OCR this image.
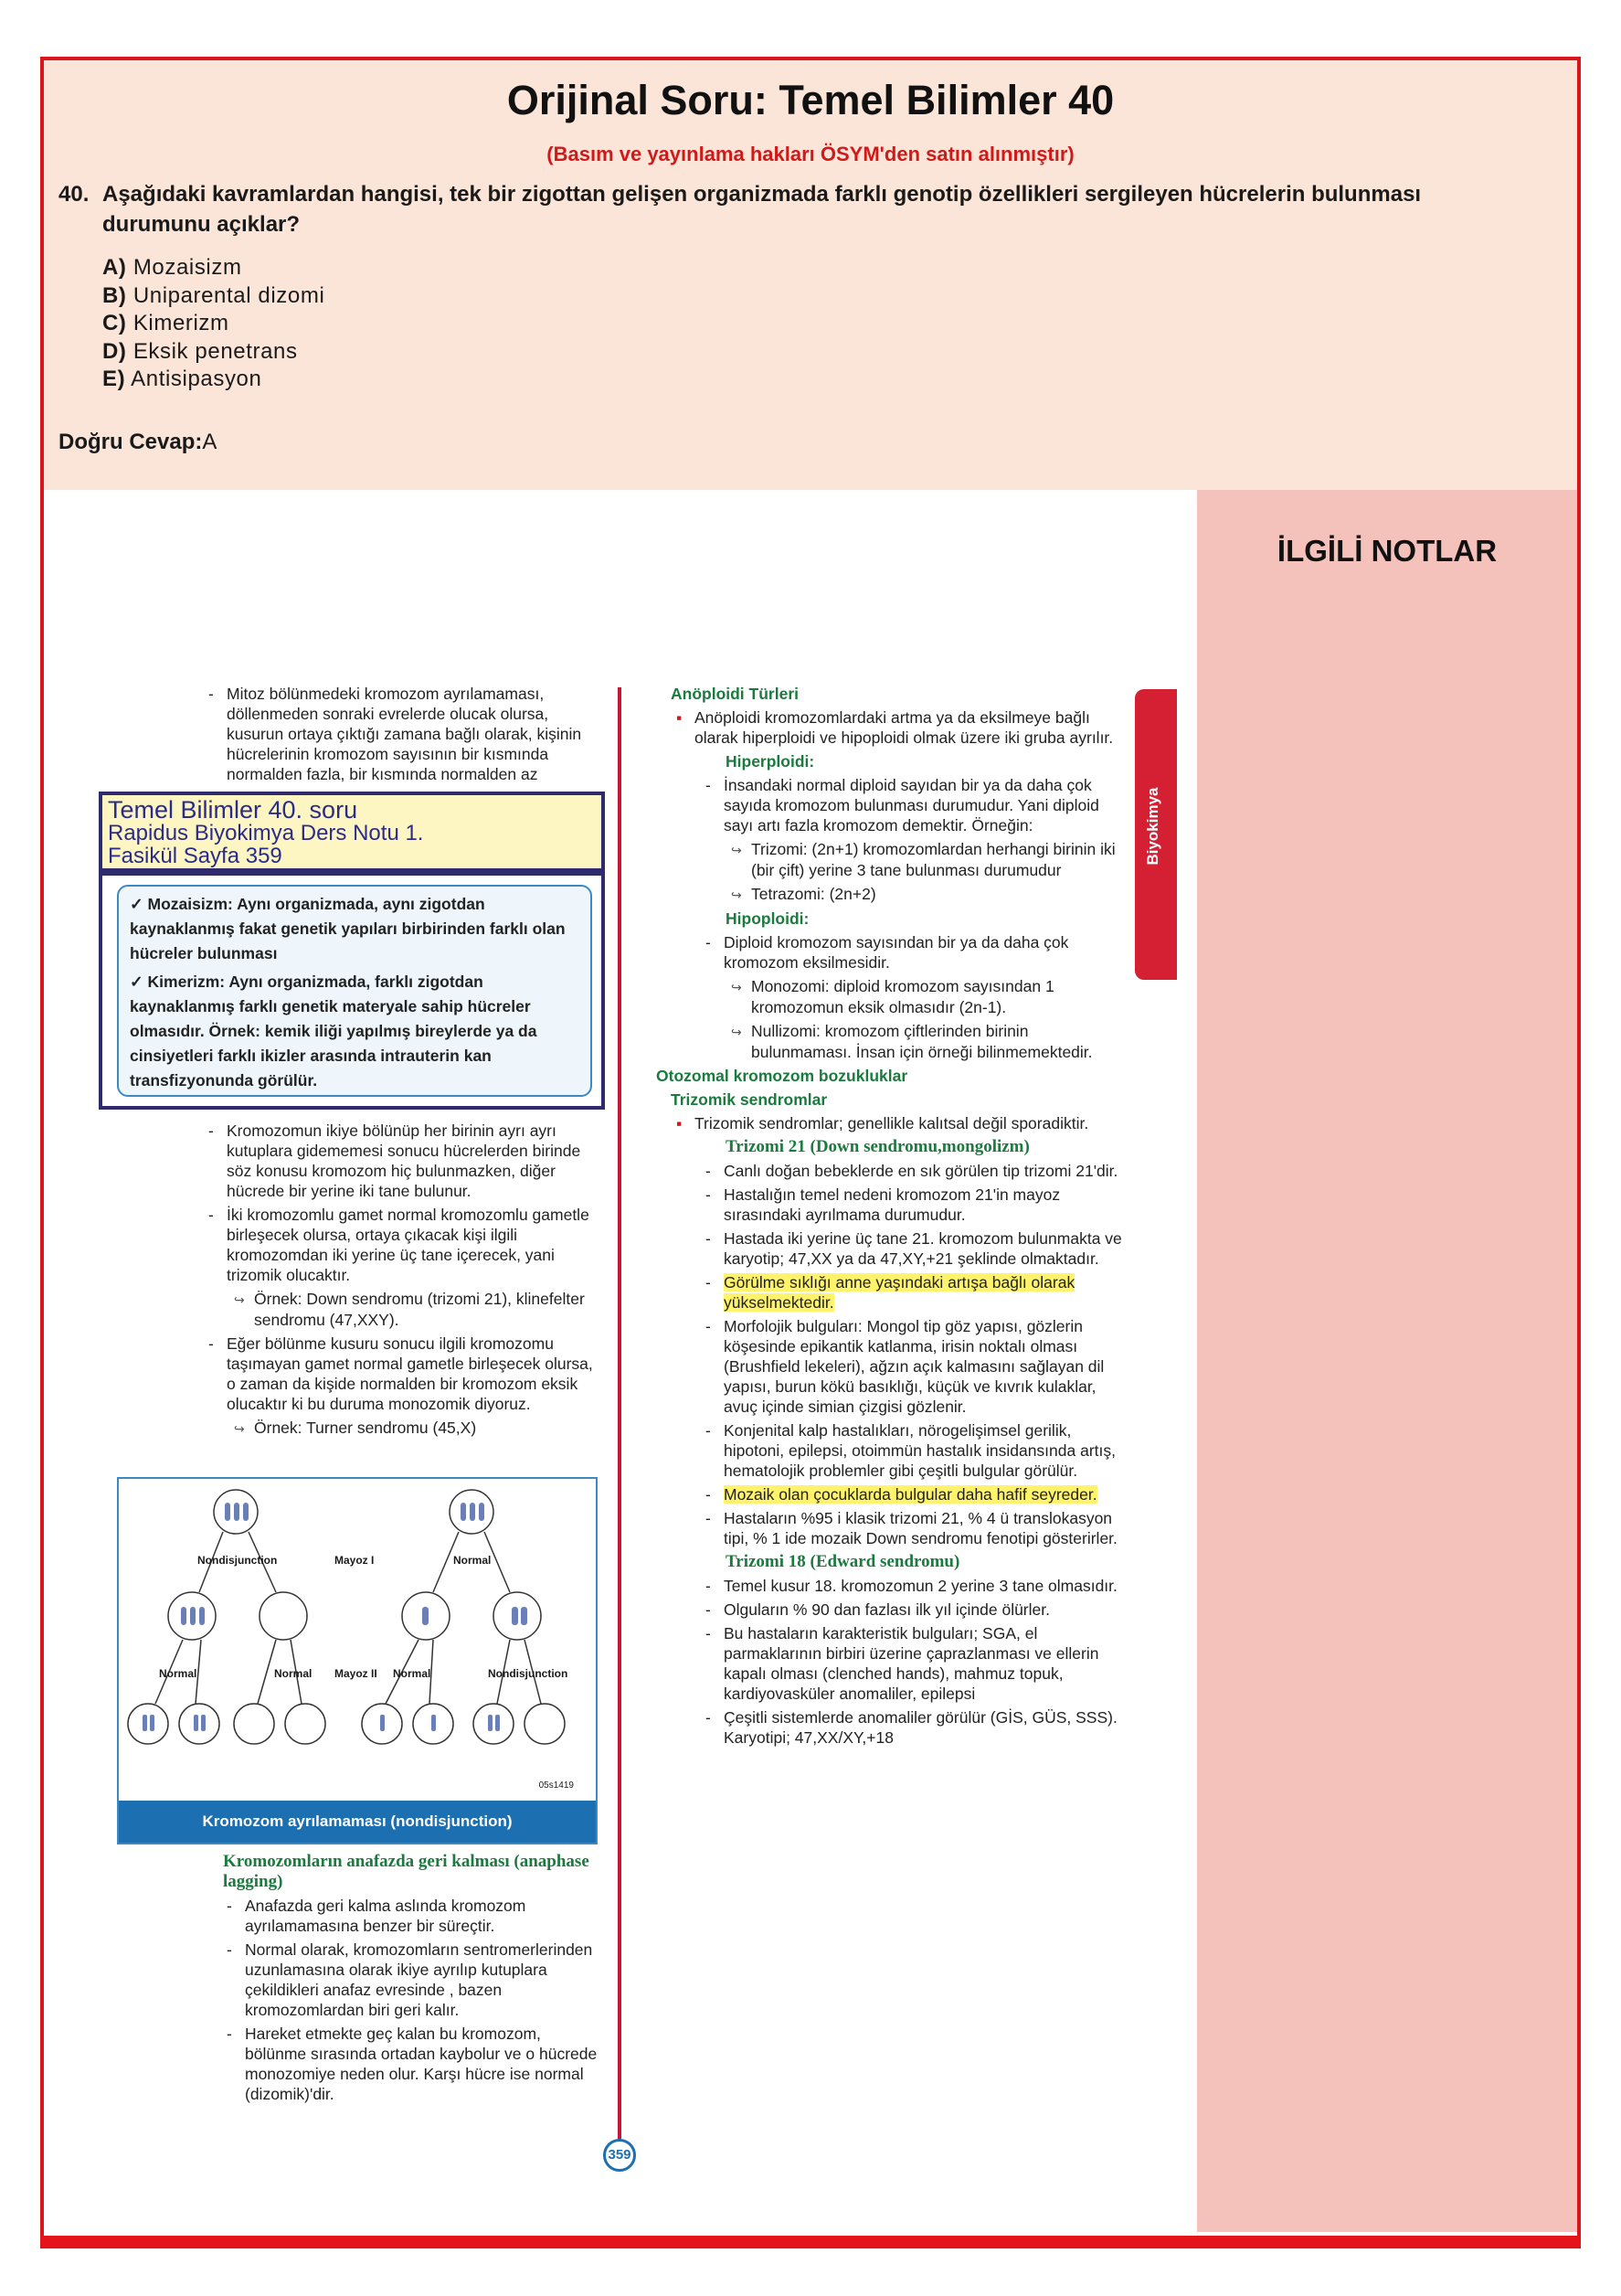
Orijinal Soru: Temel Bilimler 40
(Basım ve yayınlama hakları ÖSYM'den satın alınmıştır)
40. Aşağıdaki kavramlardan hangisi, tek bir zigottan gelişen organizmada farklı genotip özellikleri sergileyen hücrelerin bulunması durumunu açıklar?
A) Mozaisizm
B) Uniparental dizomi
C) Kimerizm
D) Eksik penetrans
E) Antisipasyon
Doğru Cevap:A
İLGİLİ NOTLAR

- Mitoz bölünmedeki kromozom ayrılamaması, döllenmeden sonraki evrelerde olucak olursa, kusurun ortaya çıktığı zamana bağlı olarak, kişinin hücrelerinin kromozom sayısının bir kısmında normalden fazla, bir kısmında normalden az

Temel Bilimler 40. soru
Rapidus Biyokimya Ders Notu 1.
Fasikül Sayfa 359

✓ Mozaisizm: Aynı organizmada, aynı zigotdan kaynaklanmış fakat genetik yapıları birbirinden farklı olan hücreler bulunması

✓ Kimerizm: Aynı organizmada, farklı zigotdan kaynaklanmış farklı genetik materyale sahip hücreler olmasıdır. Örnek: kemik iliği yapılmış bireylerde ya da cinsiyetleri farklı ikizler arasında intrauterin kan transfizyonunda görülür.

- Kromozomun ikiye bölünüp her birinin ayrı ayrı kutuplara gidememesi sonucu hücrelerden birinde söz konusu kromozom hiç bulunmazken, diğer hücrede bir yerine iki tane bulunur.

- İki kromozomlu gamet normal kromozomlu gametle birleşecek olursa, ortaya çıkacak kişi ilgili kromozomdan iki yerine üç tane içerecek, yani trizomik olucaktır.

↪ Örnek: Down sendromu (trizomi 21), klinefelter sendromu (47,XXY).

- Eğer bölünme kusuru sonucu ilgili kromozomu taşımayan gamet normal gametle birleşecek olursa, o zaman da kişide normalden bir kromozom eksik olucaktır ki bu duruma monozomik diyoruz.

↪ Örnek: Turner sendromu (45,X)

Nondisjunction	Mayoz I	Normal
Normal	Normal Mayoz II Normal	Nondisjunction
05s1419
Kromozom ayrılamaması (nondisjunction)

Kromozomların anafazda geri kalması (anaphase lagging)

- Anafazda geri kalma aslında kromozom ayrılamamasına benzer bir süreçtir.

- Normal olarak, kromozomların sentromerlerinden uzunlamasına olarak ikiye ayrılıp kutuplara çekildikleri anafaz evresinde , bazen kromozomlardan biri geri kalır.

- Hareket etmekte geç kalan bu kromozom, bölünme sırasında ortadan kaybolur ve o hücrede monozomiye neden olur. Karşı hücre ise normal (dizomik)'dir.

359

Anöploidi Türleri

▪ Anöploidi kromozomlardaki artma ya da eksilmeye bağlı olarak hiperploidi ve hipoploidi olmak üzere iki gruba ayrılır.

Hiperploidi:

- İnsandaki normal diploid sayıdan bir ya da daha çok sayıda kromozom bulunması durumudur. Yani diploid sayı artı fazla kromozom demektir. Örneğin:

↪ Trizomi: (2n+1) kromozomlardan herhangi birinin iki (bir çift) yerine 3 tane bulunması durumudur

↪ Tetrazomi: (2n+2)

Hipoploidi:

- Diploid kromozom sayısından bir ya da daha çok kromozom eksilmesidir.

↪ Monozomi: diploid kromozom sayısından 1 kromozomun eksik olmasıdır (2n-1).

↪ Nullizomi: kromozom çiftlerinden birinin bulunmaması. İnsan için örneği bilinmemektedir.

Otozomal kromozom bozukluklar

Trizomik sendromlar

▪ Trizomik sendromlar; genellikle kalıtsal değil sporadiktir.

Trizomi 21 (Down sendromu,mongolizm)

- Canlı doğan bebeklerde en sık görülen tip trizomi 21'dir.

- Hastalığın temel nedeni kromozom 21'in mayoz sırasındaki ayrılmama durumudur.

- Hastada iki yerine üç tane 21. kromozom bulunmakta ve karyotip; 47,XX ya da 47,XY,+21 şeklinde olmaktadır.

- Görülme sıklığı anne yaşındaki artışa bağlı olarak yükselmektedir.

- Morfolojik bulguları: Mongol tip göz yapısı, gözlerin köşesinde epikantik katlanma, irisin noktalı olması (Brushfield lekeleri), ağzın açık kalmasını sağlayan dil yapısı, burun kökü basıklığı, küçük ve kıvrık kulaklar, avuç içinde simian çizgisi gözlenir.

- Konjenital kalp hastalıkları, nörogelişimsel gerilik, hipotoni, epilepsi, otoimmün hastalık insidansında artış, hematolojik problemler gibi çeşitli bulgular görülür.

- Mozaik olan çocuklarda bulgular daha hafif seyreder.

- Hastaların %95 i klasik trizomi 21, % 4 ü translokasyon tipi, % 1 ide mozaik Down sendromu fenotipi gösterirler.

Trizomi 18 (Edward sendromu)

- Temel kusur 18. kromozomun 2 yerine 3 tane olmasıdır.

- Olguların % 90 dan fazlası ilk yıl içinde ölürler.

- Bu hastaların karakteristik bulguları; SGA, el parmaklarının birbiri üzerine çaprazlanması ve ellerin kapalı olması (clenched hands), mahmuz topuk, kardiyovasküler anomaliler, epilepsi

- Çeşitli sistemlerde anomaliler görülür (GİS, GÜS, SSS). Karyotipi; 47,XX/XY,+18

Biyokimya
